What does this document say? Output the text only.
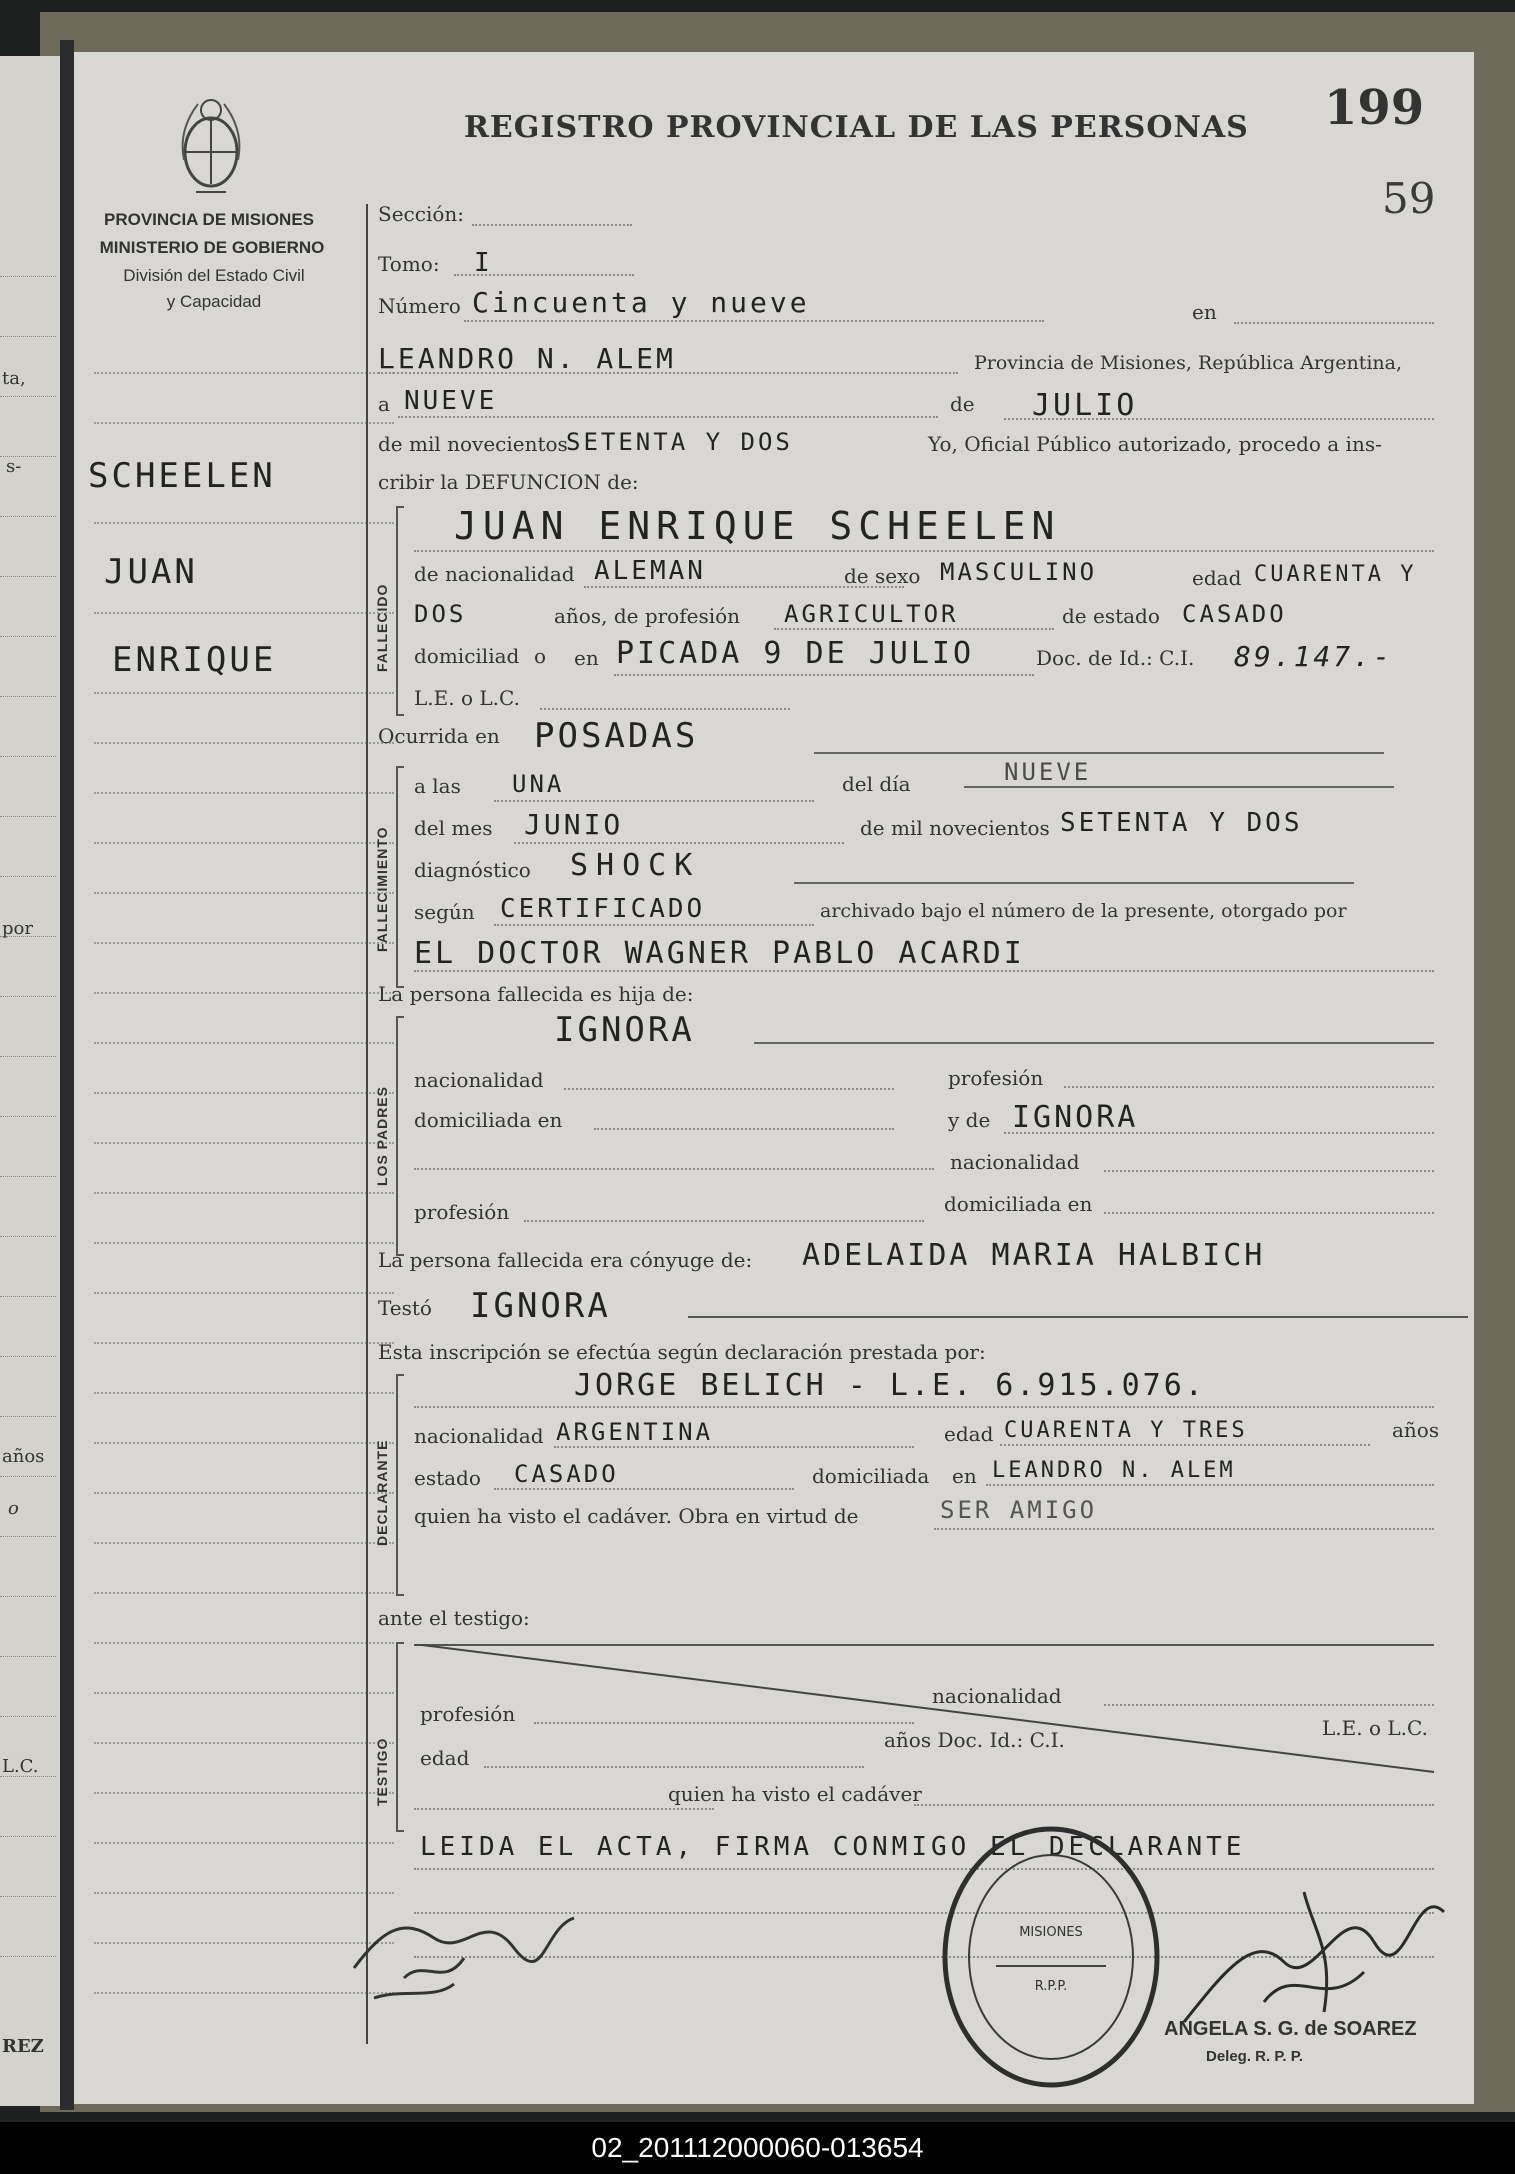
ta,
s-
por
años
o
L.C.
REZ
REGISTRO PROVINCIAL DE LAS PERSONAS 199
59
PROVINCIA DE MISIONES
MINISTERIO DE GOBIERNO
División del Estado Civil
y Capacidad
SCHEELEN
JUAN
ENRIQUE
Sección:
Tomo: I
Número Cincuenta y nueve	en
LEANDRO N. ALEM	Provincia de Misiones, República Argentina,
a NUEVE	de JULIO
de mil novecientos
SETENTA Y DOS	Yo, Oficial Público autorizado, procedo a ins-
cribir la DEFUNCION de:
FALLECIDO
JUAN ENRIQUE SCHEELEN
de nacionalidad ALEMAN	de sexo MASCULINO	edad CUARENTA Y
DOS	años, de profesión AGRICULTOR	de estado CASADO
domiciliad o en PICADA 9 DE JULIO	Doc. de Id.: C.I. 89.147.-
L.E. o L.C.
Ocurrida en POSADAS
FALLECIMIENTO
a las UNA	del día	NUEVE
del mes JUNIO	de mil novecientos SETENTA Y DOS
diagnóstico SHOCK
según CERTIFICADO	archivado bajo el número de la presente, otorgado por
EL DOCTOR WAGNER PABLO ACARDI
La persona fallecida es hija de:
LOS PADRES
IGNORA
nacionalidad	profesión
domiciliada en	y de IGNORA
nacionalidad
profesión	domiciliada en
La persona fallecida era cónyuge de: ADELAIDA MARIA HALBICH
Testó IGNORA
Esta inscripción se efectúa según declaración prestada por:
DECLARANTE
JORGE BELICH - L.E. 6.915.076.
nacionalidad ARGENTINA	edad CUARENTA Y TRES	años
estado CASADO	domiciliada en LEANDRO N. ALEM
quien ha visto el cadáver. Obra en virtud de	SER AMIGO
ante el testigo:
TESTIGO
nacionalidad
profesión
edad
años Doc. Id.: C.I.	L.E. o L.C.
quien ha visto el cadáver
LEIDA EL ACTA, FIRMA CONMIGO EL DECLARANTE
MISIONES
R.P.P.
ANGELA S. G. de SOAREZ
Deleg. R. P. P.
02_201112000060-013654
